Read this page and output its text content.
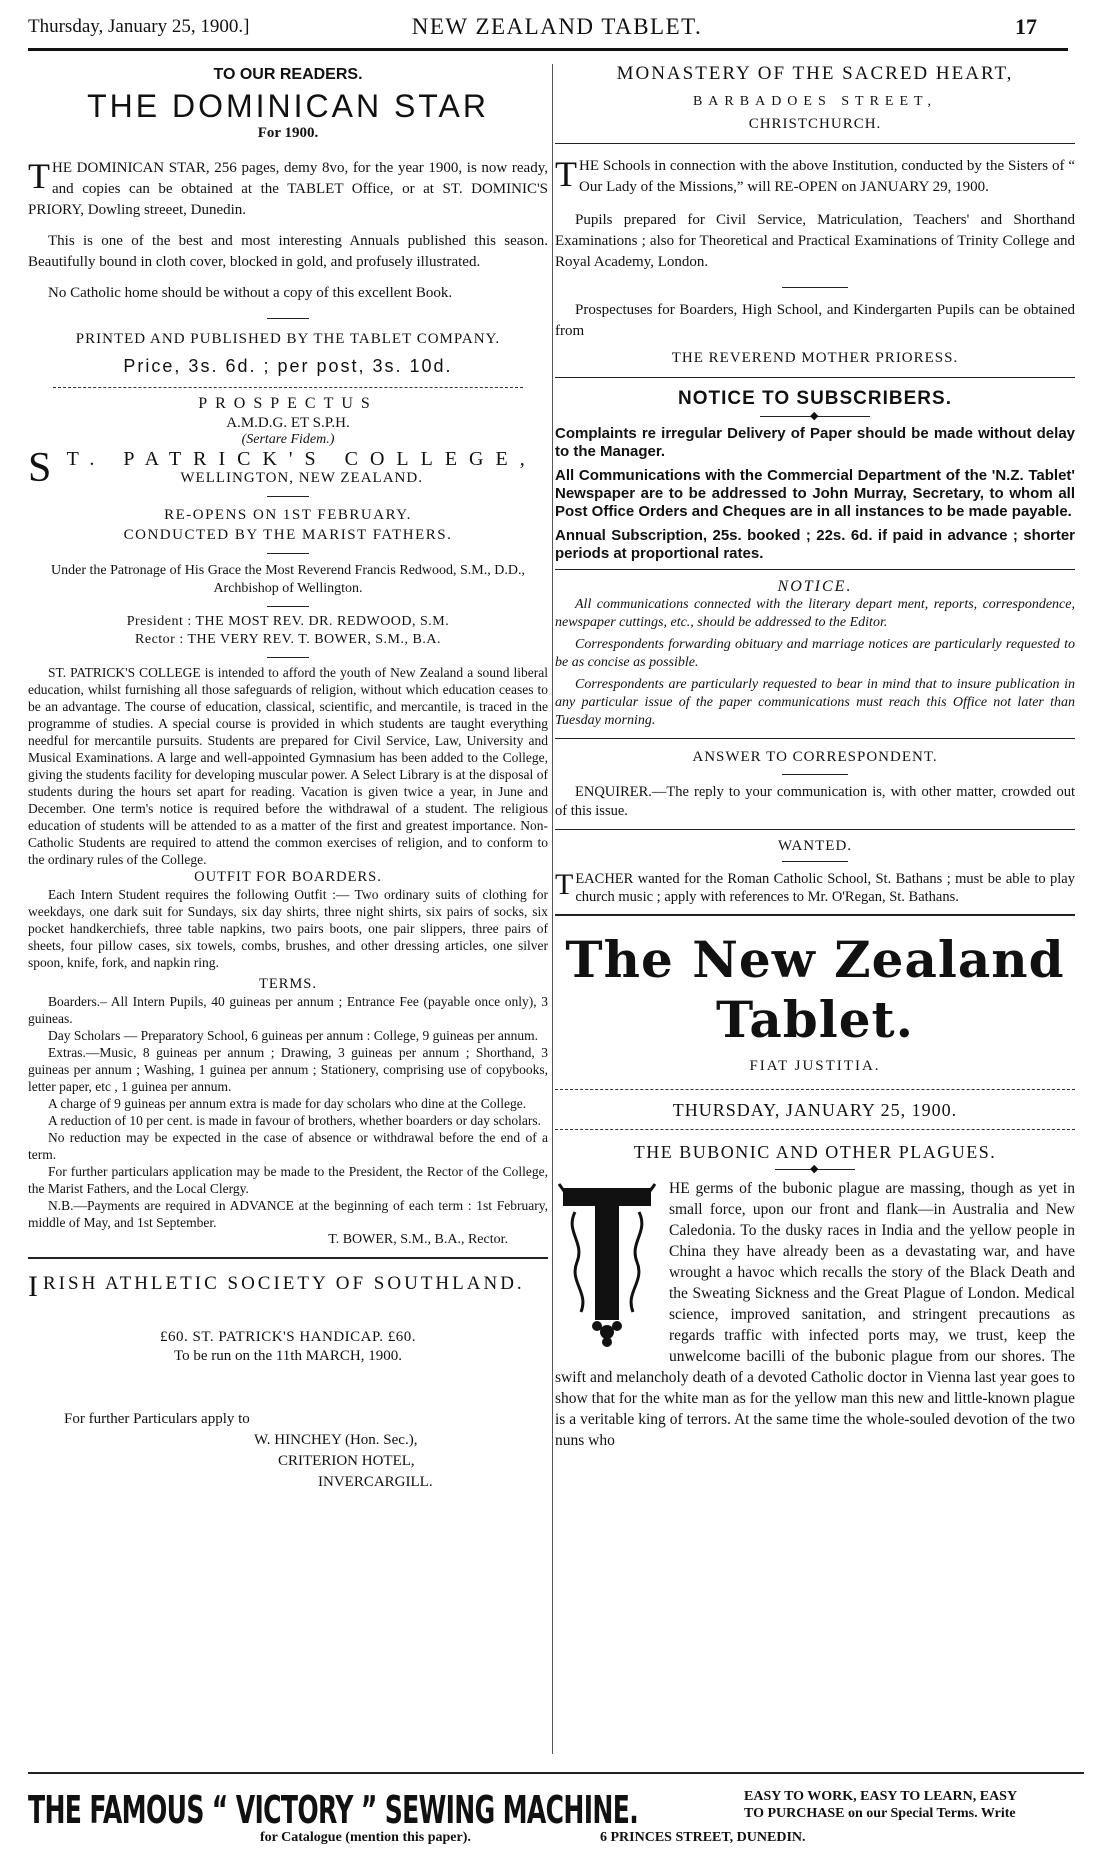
Thursday, January 25, 1900.]	NEW ZEALAND TABLET.	17
TO OUR READERS.
THE DOMINICAN STAR
For 1900.

THE DOMINICAN STAR, 256 pages, demy 8vo, for the year 1900, is now ready, and copies can be obtained at the TABLET Office, or at ST. DOMINIC'S PRIORY, Dowling streeet, Dunedin.

This is one of the best and most interesting Annuals published this season. Beautifully bound in cloth cover, blocked in gold, and profusely illustrated.

No Catholic home should be without a copy of this excellent Book.

PRINTED AND PUBLISHED BY THE TABLET COMPANY.
Price, 3s. 6d. ; per post, 3s. 10d.
PROSPECTUS
A.M.D.G. ET S.P.H.
(Sertare Fidem.)
S T. PATRICK'S COLLEGE,
WELLINGTON, NEW ZEALAND.
RE-OPENS ON 1ST FEBRUARY.
CONDUCTED BY THE MARIST FATHERS.

Under the Patronage of His Grace the Most Reverend Francis Redwood, S.M., D.D., Archbishop of Wellington.

President : THE MOST REV. DR. REDWOOD, S.M.
Rector : THE VERY REV. T. BOWER, S.M., B.A.

ST. PATRICK'S COLLEGE is intended to afford the youth of New Zealand a sound liberal education, whilst furnishing all those safeguards of religion, without which education ceases to be an advantage. The course of education, classical, scientific, and mercantile, is traced in the programme of studies. A special course is provided in which students are taught everything needful for mercantile pursuits. Students are prepared for Civil Service, Law, University and Musical Examinations. A large and well-appointed Gymnasium has been added to the College, giving the students facility for developing muscular power. A Select Library is at the disposal of students during the hours set apart for reading. Vacation is given twice a year, in June and December. One term's notice is required before the withdrawal of a student. The religious education of students will be attended to as a matter of the first and greatest importance. Non-Catholic Students are required to attend the common exercises of religion, and to conform to the ordinary rules of the College.

OUTFIT FOR BOARDERS.

Each Intern Student requires the following Outfit :— Two ordinary suits of clothing for weekdays, one dark suit for Sundays, six day shirts, three night shirts, six pairs of socks, six pocket handkerchiefs, three table napkins, two pairs boots, one pair slippers, three pairs of sheets, four pillow cases, six towels, combs, brushes, and other dressing articles, one silver spoon, knife, fork, and napkin ring.

TERMS.

Boarders.– All Intern Pupils, 40 guineas per annum ; Entrance Fee (payable once only), 3 guineas.

Day Scholars — Preparatory School, 6 guineas per annum : College, 9 guineas per annum.

Extras.—Music, 8 guineas per annum ; Drawing, 3 guineas per annum ; Shorthand, 3 guineas per annum ; Washing, 1 guinea per annum ; Stationery, comprising use of copybooks, letter paper, etc , 1 guinea per annum.

A charge of 9 guineas per annum extra is made for day scholars who dine at the College.

A reduction of 10 per cent. is made in favour of brothers, whether boarders or day scholars.

No reduction may be expected in the case of absence or withdrawal before the end of a term.

For further particulars application may be made to the President, the Rector of the College, the Marist Fathers, and the Local Clergy.

N.B.—Payments are required in ADVANCE at the beginning of each term : 1st February, middle of May, and 1st September.

T. BOWER, S.M., B.A., Rector.
IRISH ATHLETIC SOCIETY OF SOUTHLAND.
£60. ST. PATRICK'S HANDICAP. £60.
To be run on the 11th MARCH, 1900.

For further Particulars apply to

W. HINCHEY (Hon. Sec.),
CRITERION HOTEL,
INVERCARGILL.
MONASTERY OF THE SACRED HEART,
BARBADOES STREET,
CHRISTCHURCH.

THE Schools in connection with the above Institution, conducted by the Sisters of “ Our Lady of the Missions,” will RE-OPEN on JANUARY 29, 1900.

Pupils prepared for Civil Service, Matriculation, Teachers' and Shorthand Examinations ; also for Theoretical and Practical Examinations of Trinity College and Royal Academy, London.

Prospectuses for Boarders, High School, and Kindergarten Pupils can be obtained from

THE REVEREND MOTHER PRIORESS.
NOTICE TO SUBSCRIBERS.
◆

Complaints re irregular Delivery of Paper should be made without delay to the Manager.

All Communications with the Commercial Department of the 'N.Z. Tablet' Newspaper are to be addressed to John Murray, Secretary, to whom all Post Office Orders and Cheques are in all instances to be made payable.

Annual Subscription, 25s. booked ; 22s. 6d. if paid in advance ; shorter periods at proportional rates.

NOTICE.

All communications connected with the literary depart ment, reports, correspondence, newspaper cuttings, etc., should be addressed to the Editor.

Correspondents forwarding obituary and marriage notices are particularly requested to be as concise as possible.

Correspondents are particularly requested to bear in mind that to insure publication in any particular issue of the paper communications must reach this Office not later than Tuesday morning.

ANSWER TO CORRESPONDENT.

ENQUIRER.—The reply to your communication is, with other matter, crowded out of this issue.

WANTED.

TEACHER wanted for the Roman Catholic School, St. Bathans ; must be able to play church music ; apply with references to Mr. O'Regan, St. Bathans.

The New Zealand Tablet.
FIAT JUSTITIA.
THURSDAY, JANUARY 25, 1900.
THE BUBONIC AND OTHER PLAGUES.
◆
HE germs of the bubonic plague are massing, though as yet in small force, upon our front and flank—in Australia and New Caledonia. To the dusky races in India and the yellow people in China they have already been as a devastating war, and have wrought a havoc which recalls the story of the Black Death and the Sweating Sickness and the Great Plague of London. Medical science, improved sanitation, and stringent precautions as regards traffic with infected ports may, we trust, keep the unwelcome bacilli of the bubonic plague from our shores. The swift and melancholy death of a devoted Catholic doctor in Vienna last year goes to show that for the white man as for the yellow man this new and little-known plague is a veritable king of terrors. At the same time the whole-souled devotion of the two nuns who
THE FAMOUS “ VICTORY ” SEWING MACHINE.
for Catalogue (mention this paper).	6 PRINCES STREET, DUNEDIN.
EASY TO WORK, EASY TO LEARN, EASY
TO PURCHASE on our Special Terms. Write
